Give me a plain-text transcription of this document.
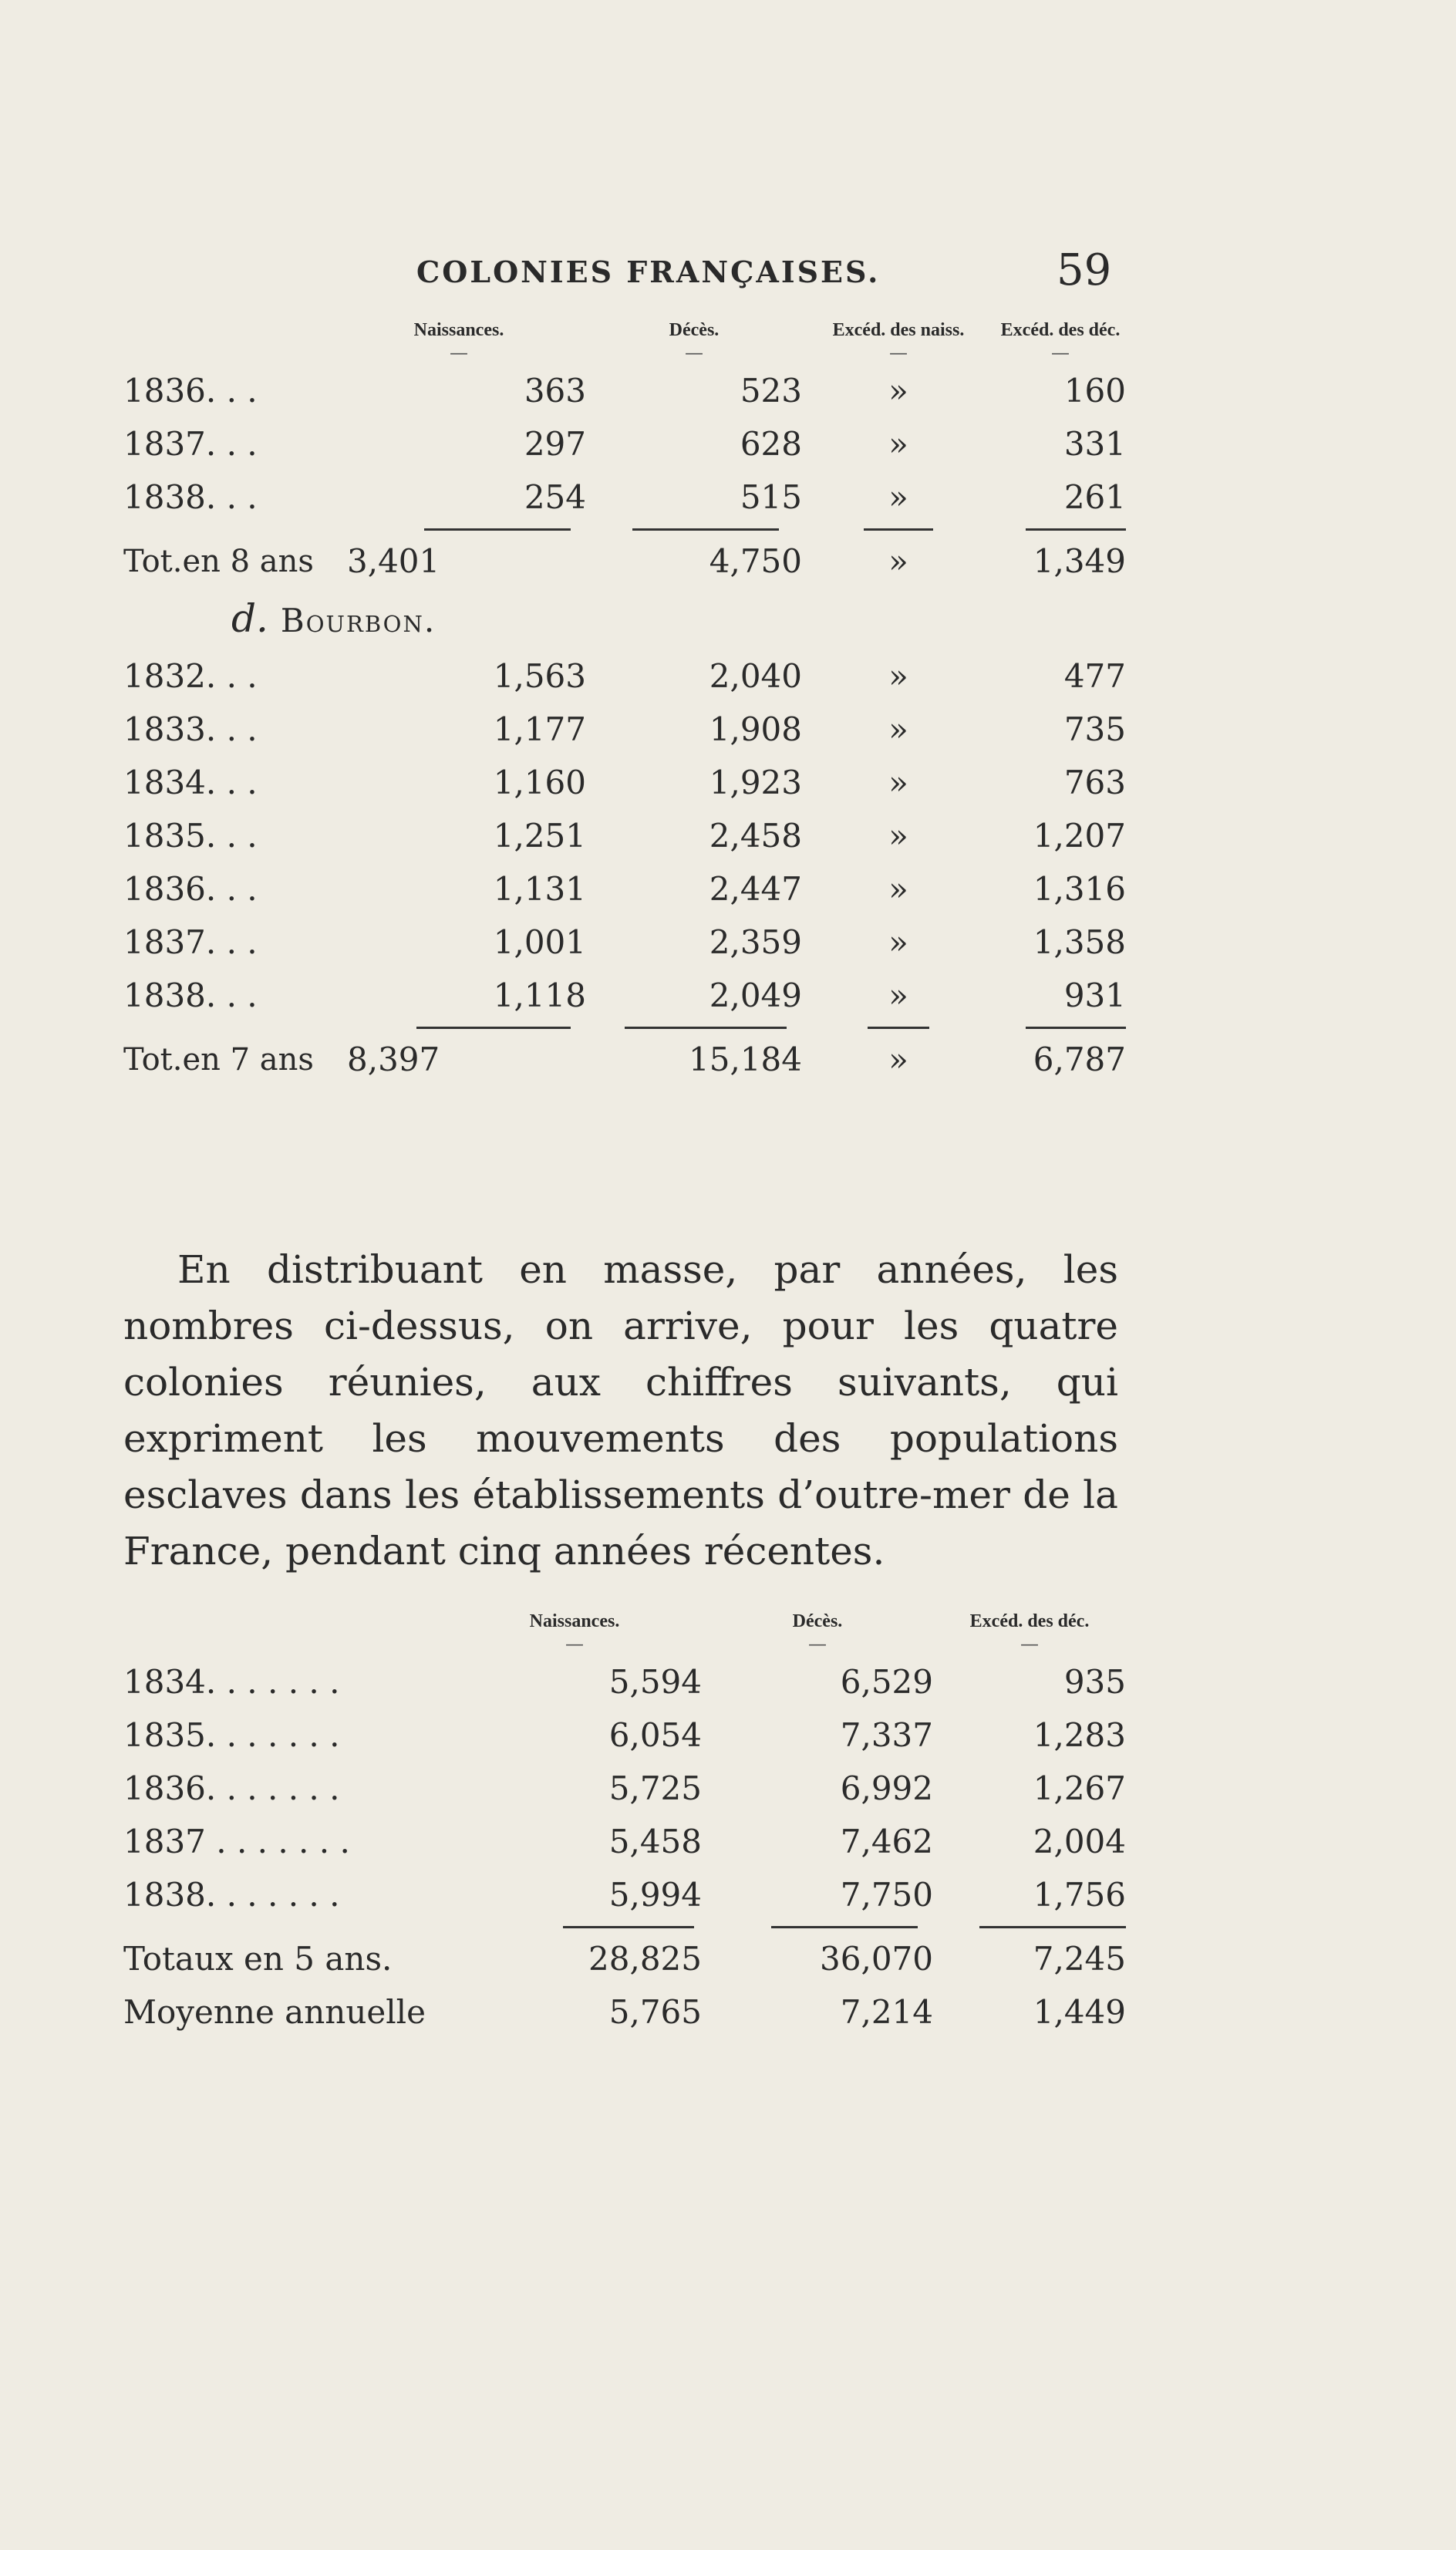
COLONIES FRANÇAISES.	59
	Naissances.	Décès.	Excéd. des naiss.	Excéd. des déc.
	—	—	—	—
1836. . .	363	523	»	160
1837. . .	297	628	»	331
1838. . .	254	515	»	261

Tot.en 8 ans	3,401	4,750	»	1,349
d. Bourbon.				
1832. . .	1,563	2,040	»	477
1833. . .	1,177	1,908	»	735
1834. . .	1,160	1,923	»	763
1835. . .	1,251	2,458	»	1,207
1836. . .	1,131	2,447	»	1,316
1837. . .	1,001	2,359	»	1,358
1838. . .	1,118	2,049	»	931

Tot.en 7 ans	8,397	15,184	»	6,787

En distribuant en masse, par années, les nombres ci-dessus, on arrive, pour les quatre colonies réunies, aux chiffres suivants, qui expriment les mouvements des populations esclaves dans les établissements d’outre-mer de la France, pendant cinq années récentes.

	Naissances.	Décès.	Excéd. des déc.
	—	—	—
1834. . . . . . .	5,594	6,529	935
1835. . . . . . .	6,054	7,337	1,283
1836. . . . . . .	5,725	6,992	1,267
1837 . . . . . . .	5,458	7,462	2,004
1838. . . . . . .	5,994	7,750	1,756

Totaux en 5 ans.	28,825	36,070	7,245
Moyenne annuelle	5,765	7,214	1,449
